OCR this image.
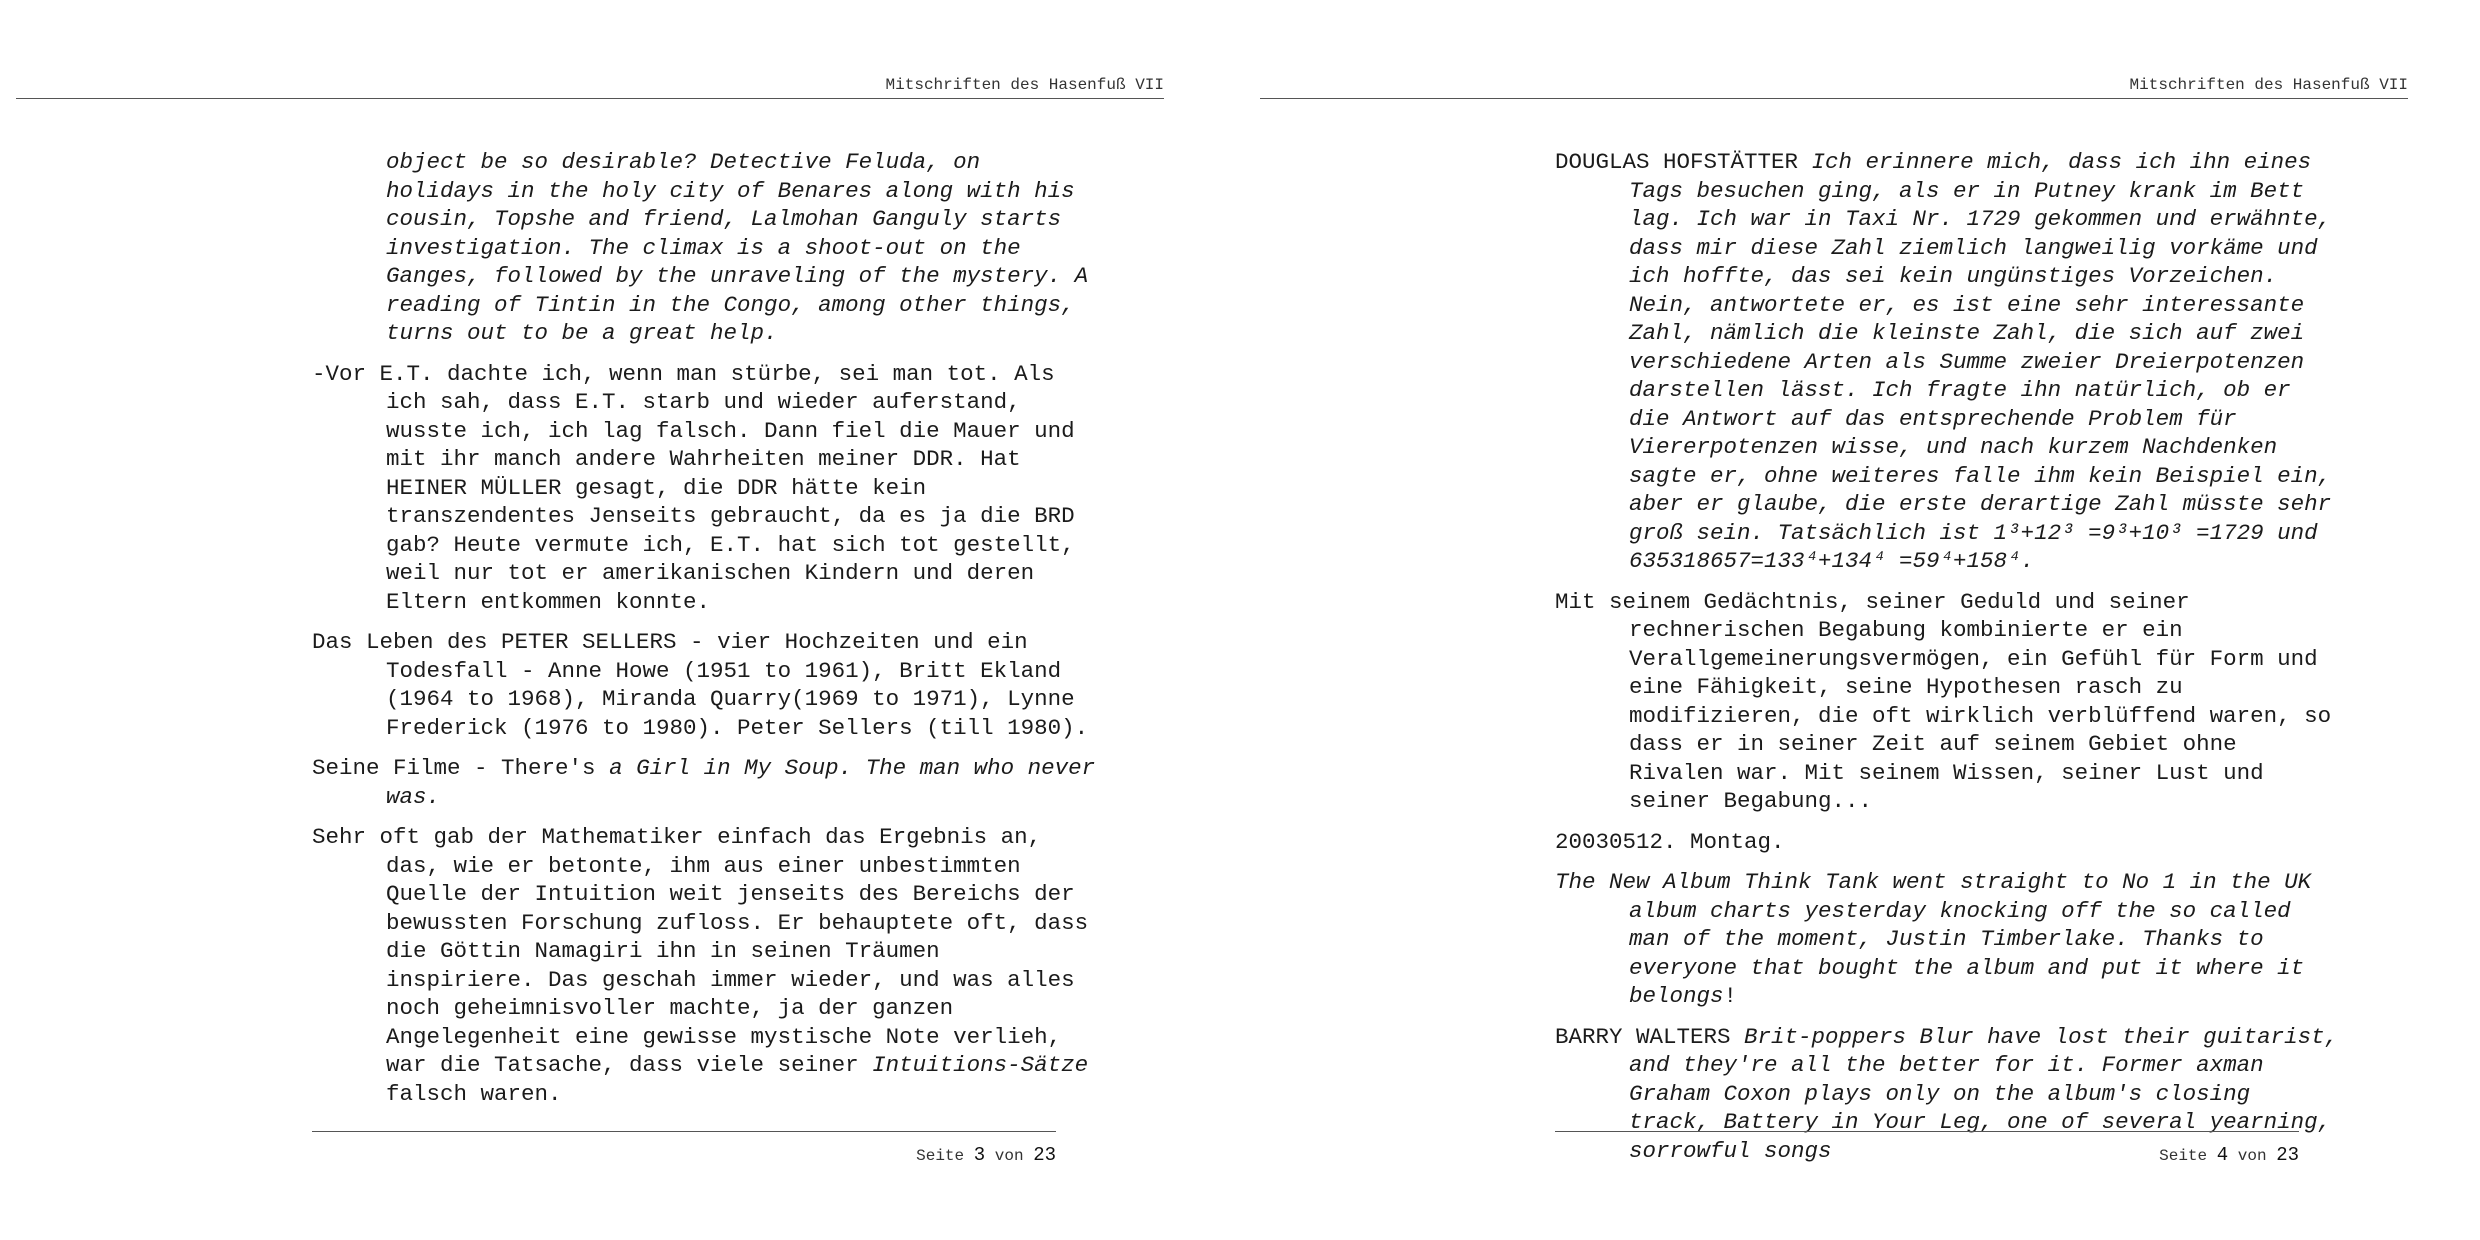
Mitschriften des Hasenfuß VII

object be so desirable? Detective Feluda, on holidays in the holy city of Benares along with his cousin, Topshe and friend, Lalmohan Ganguly starts investigation. The climax is a shoot-out on the Ganges, followed by the unraveling of the mystery. A reading of Tintin in the Congo, among other things, turns out to be a great help.

-Vor E.T. dachte ich, wenn man stürbe, sei man tot. Als ich sah, dass E.T. starb und wieder auferstand, wusste ich, ich lag falsch. Dann fiel die Mauer und mit ihr manch andere Wahrheiten meiner DDR. Hat HEINER MÜLLER gesagt, die DDR hätte kein transzendentes Jenseits gebraucht, da es ja die BRD gab? Heute vermute ich, E.T. hat sich tot gestellt, weil nur tot er amerikanischen Kindern und deren Eltern entkommen konnte.

Das Leben des PETER SELLERS - vier Hochzeiten und ein Todesfall - Anne Howe (1951 to 1961), Britt Ekland (1964 to 1968), Miranda Quarry(1969 to 1971), Lynne Frederick (1976 to 1980). Peter Sellers (till 1980).

Seine Filme - There's a Girl in My Soup. The man who never was.

Sehr oft gab der Mathematiker einfach das Ergebnis an, das, wie er betonte, ihm aus einer unbestimmten Quelle der Intuition weit jenseits des Bereichs der bewussten Forschung zufloss. Er behauptete oft, dass die Göttin Namagiri ihn in seinen Träumen inspiriere. Das geschah immer wieder, und was alles noch geheimnisvoller machte, ja der ganzen Angelegenheit eine gewisse mystische Note verlieh, war die Tatsache, dass viele seiner Intuitions-Sätze falsch waren.

Seite 3 von 23
Mitschriften des Hasenfuß VII

DOUGLAS HOFSTÄTTER Ich erinnere mich, dass ich ihn eines Tags besuchen ging, als er in Putney krank im Bett lag. Ich war in Taxi Nr. 1729 gekommen und erwähnte, dass mir diese Zahl ziemlich langweilig vorkäme und ich hoffte, das sei kein ungünstiges Vorzeichen. Nein, antwortete er, es ist eine sehr interessante Zahl, nämlich die kleinste Zahl, die sich auf zwei verschiedene Arten als Summe zweier Dreierpotenzen darstellen lässt. Ich fragte ihn natürlich, ob er die Antwort auf das entsprechende Problem für Viererpotenzen wisse, und nach kurzem Nachdenken sagte er, ohne weiteres falle ihm kein Beispiel ein, aber er glaube, die erste derartige Zahl müsste sehr groß sein. Tatsächlich ist 1³+12³ =9³+10³ =1729 und 635318657=133⁴+134⁴ =59⁴+158⁴.

Mit seinem Gedächtnis, seiner Geduld und seiner rechnerischen Begabung kombinierte er ein Verallgemeinerungsvermögen, ein Gefühl für Form und eine Fähigkeit, seine Hypothesen rasch zu modifizieren, die oft wirklich verblüffend waren, so dass er in seiner Zeit auf seinem Gebiet ohne Rivalen war. Mit seinem Wissen, seiner Lust und seiner Begabung...

20030512. Montag.

The New Album Think Tank went straight to No 1 in the UK album charts yesterday knocking off the so called man of the moment, Justin Timberlake. Thanks to everyone that bought the album and put it where it belongs!

BARRY WALTERS Brit-poppers Blur have lost their guitarist, and they're all the better for it. Former axman Graham Coxon plays only on the album's closing track, Battery in Your Leg, one of several yearning, sorrowful songs	Seite 4 von 23
